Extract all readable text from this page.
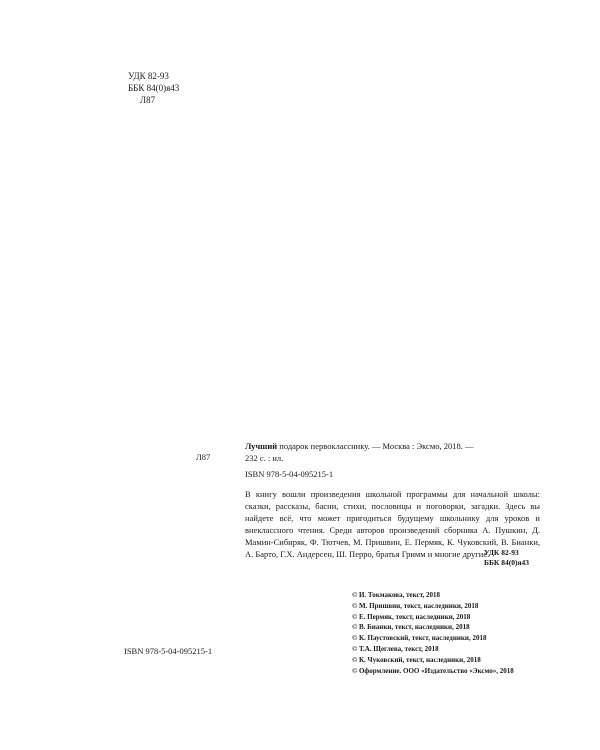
УДК 82-93
ББК 84(0)я43
Л87
Л87
Лучший подарок первокласснику. — Москва : Эксмо, 2018. —
232 с. : ил.
ISBN 978-5-04-095215-1
В книгу вошли произведения школьной программы для начальной школы: сказки, рассказы, басни, стихи, пословицы и поговорки, загадки. Здесь вы найдете всё, что может пригодиться будущему школьнику для уроков и внеклассного чтения. Среди авторов произведений сборника А. Пушкин, Д. Мамин-Сибиряк, Ф. Тютчев, М. Пришвин, Е. Пермяк, К. Чуковский, В. Бианки, А. Барто, Г.Х. Андерсен, Ш. Перро, братья Гримм и многие другие.
УДК 82-93
ББК 84(0)я43
© И. Токмакова, текст, 2018
© М. Пришвин, текст, наследники, 2018
© Е. Пермяк, текст, наследники, 2018
© В. Бианки, текст, наследники, 2018
© К. Паустовский, текст, наследники, 2018
© Т.А. Щеглева, текст, 2018
© К. Чуковский, текст, наследники, 2018
© Оформление. ООО «Издательство «Эксмо», 2018
ISBN 978-5-04-095215-1
